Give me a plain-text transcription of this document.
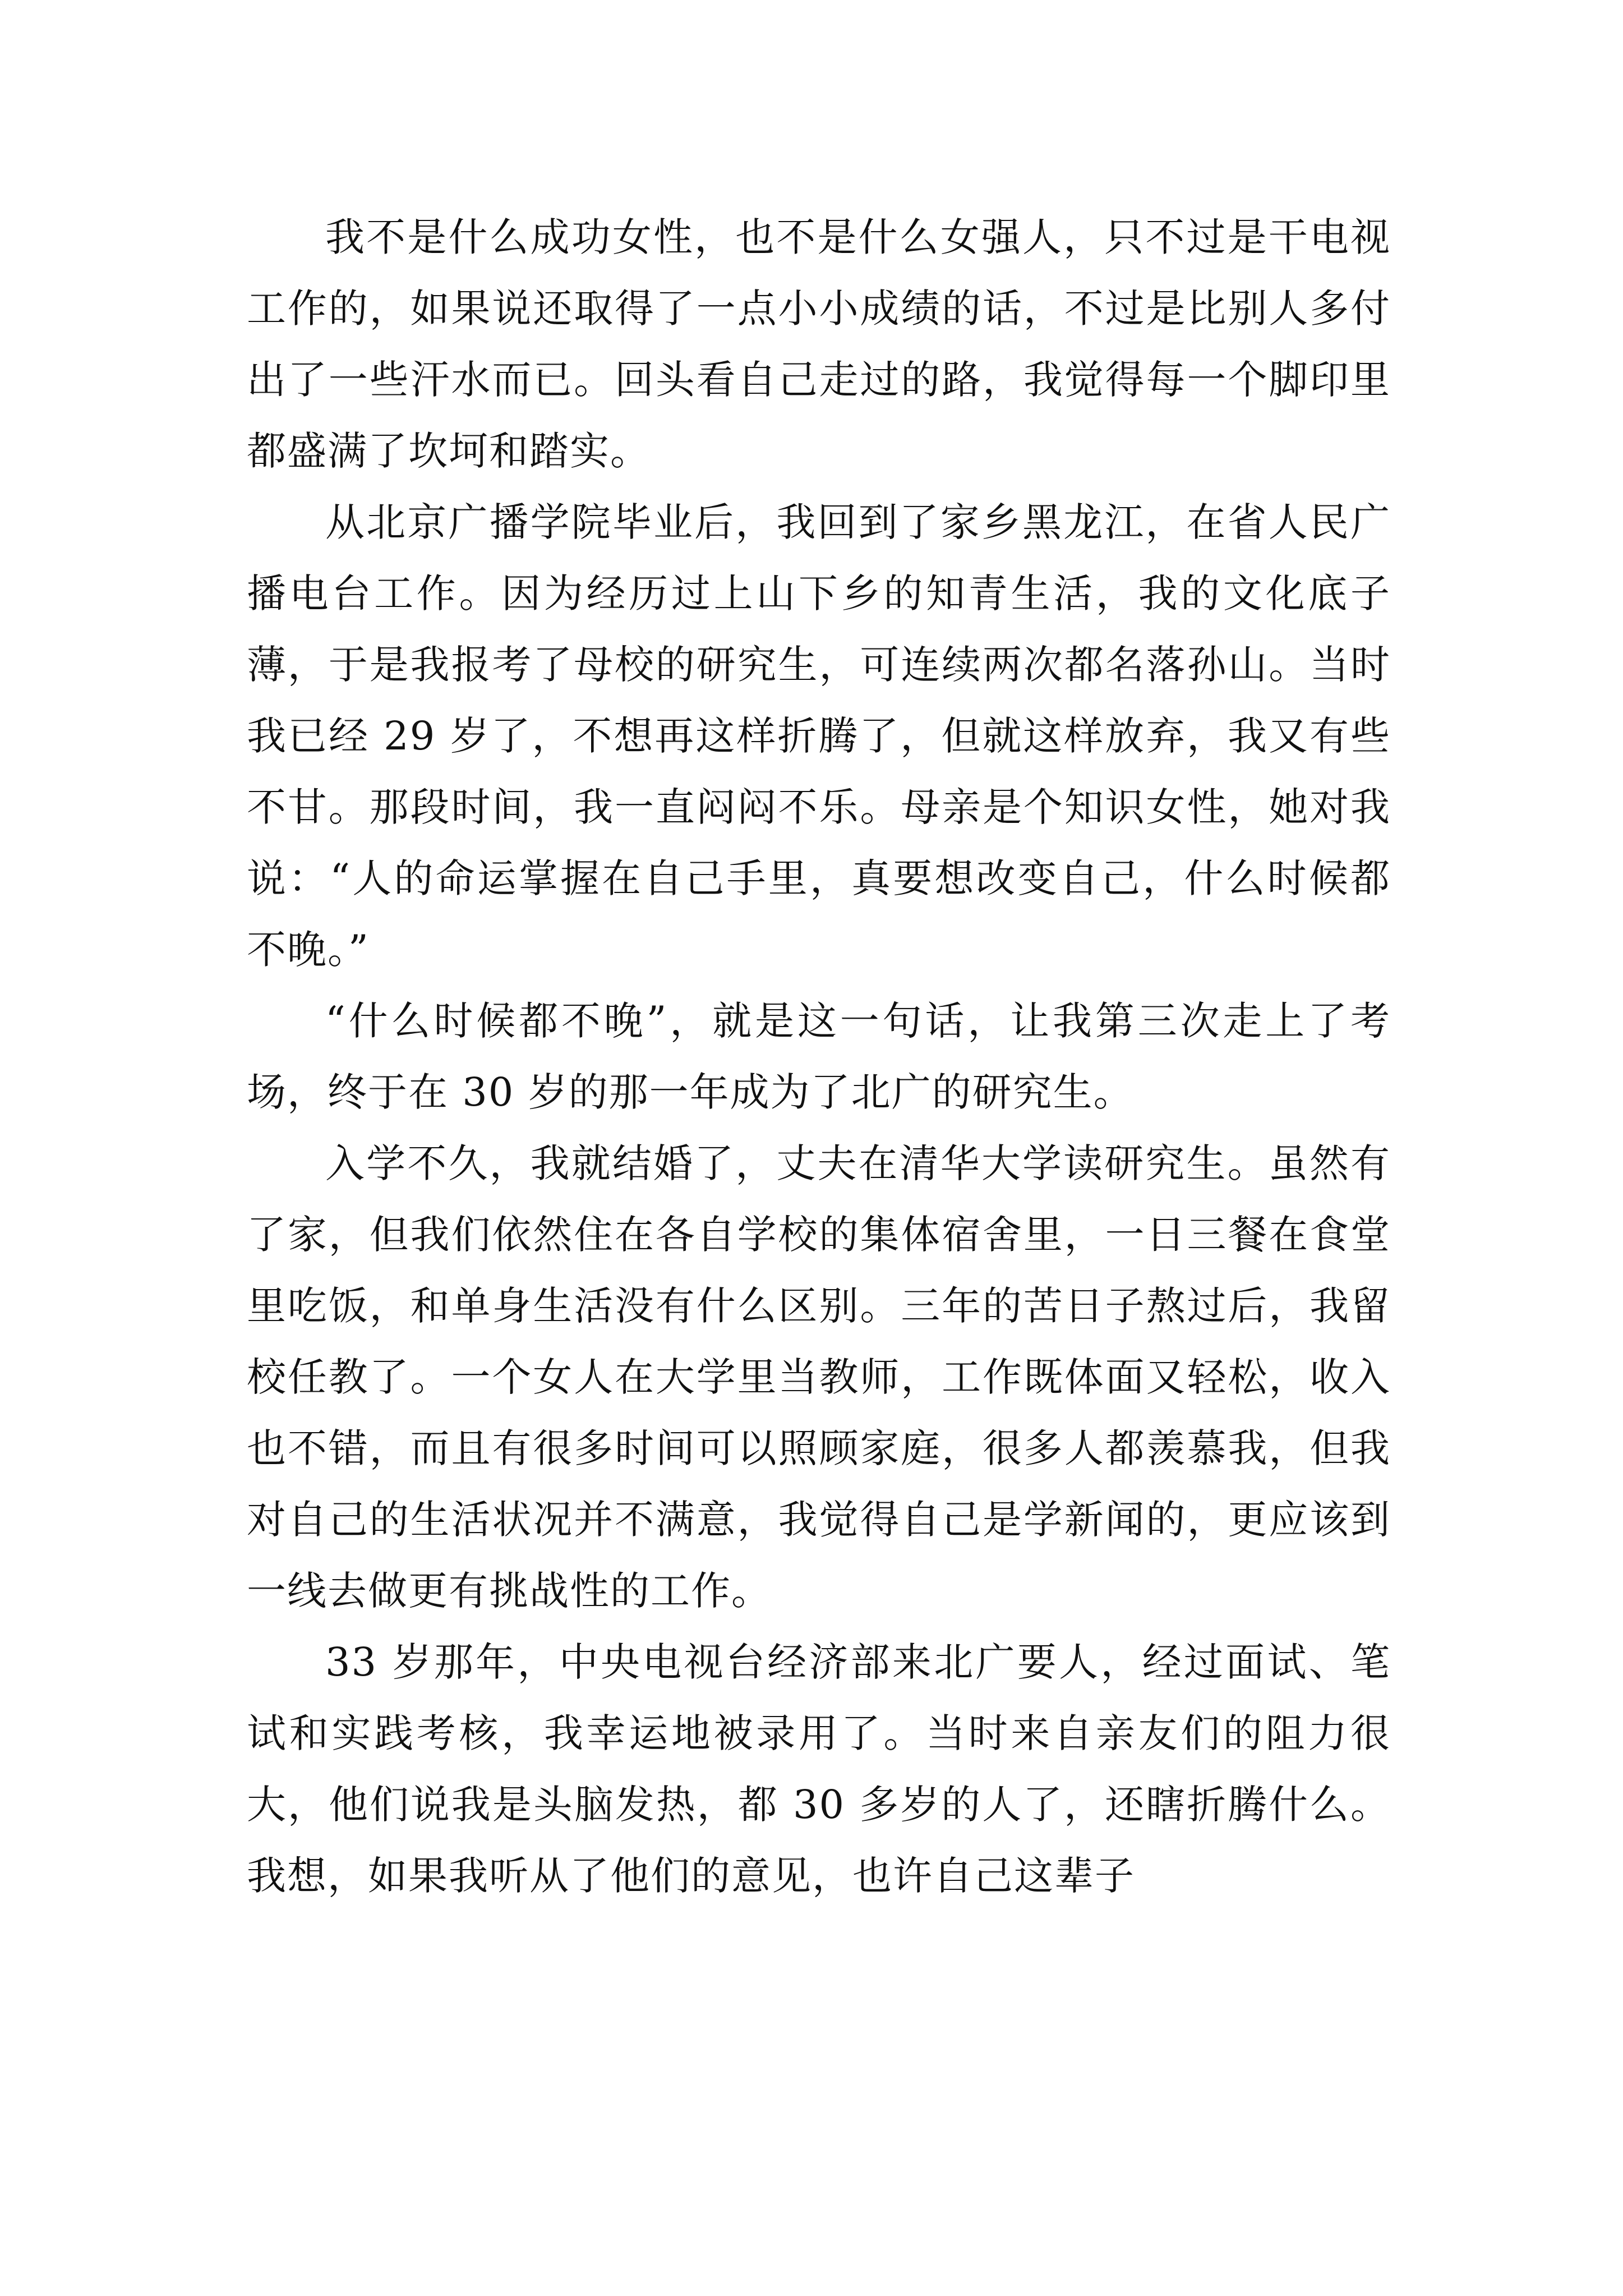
我不是什么成功女性，也不是什么女强人，只不过是干电视工作的，如果说还取得了一点小小成绩的话，不过是比别人多付出了一些汗水而已。回头看自己走过的路，我觉得每一个脚印里都盛满了坎坷和踏实。

从北京广播学院毕业后，我回到了家乡黑龙江，在省人民广播电台工作。因为经历过上山下乡的知青生活，我的文化底子薄，于是我报考了母校的研究生，可连续两次都名落孙山。当时我已经 29 岁了，不想再这样折腾了，但就这样放弃，我又有些不甘。那段时间，我一直闷闷不乐。母亲是个知识女性，她对我说：“人的命运掌握在自己手里，真要想改变自己，什么时候都不晚。”

“什么时候都不晚”，就是这一句话，让我第三次走上了考场，终于在 30 岁的那一年成为了北广的研究生。

入学不久，我就结婚了，丈夫在清华大学读研究生。虽然有了家，但我们依然住在各自学校的集体宿舍里，一日三餐在食堂里吃饭，和单身生活没有什么区别。三年的苦日子熬过后，我留校任教了。一个女人在大学里当教师，工作既体面又轻松，收入也不错，而且有很多时间可以照顾家庭，很多人都羡慕我，但我对自己的生活状况并不满意，我觉得自己是学新闻的，更应该到一线去做更有挑战性的工作。

33 岁那年，中央电视台经济部来北广要人，经过面试、笔试和实践考核，我幸运地被录用了。当时来自亲友们的阻力很大，他们说我是头脑发热，都 30 多岁的人了，还瞎折腾什么。我想，如果我听从了他们的意见，也许自己这辈子
